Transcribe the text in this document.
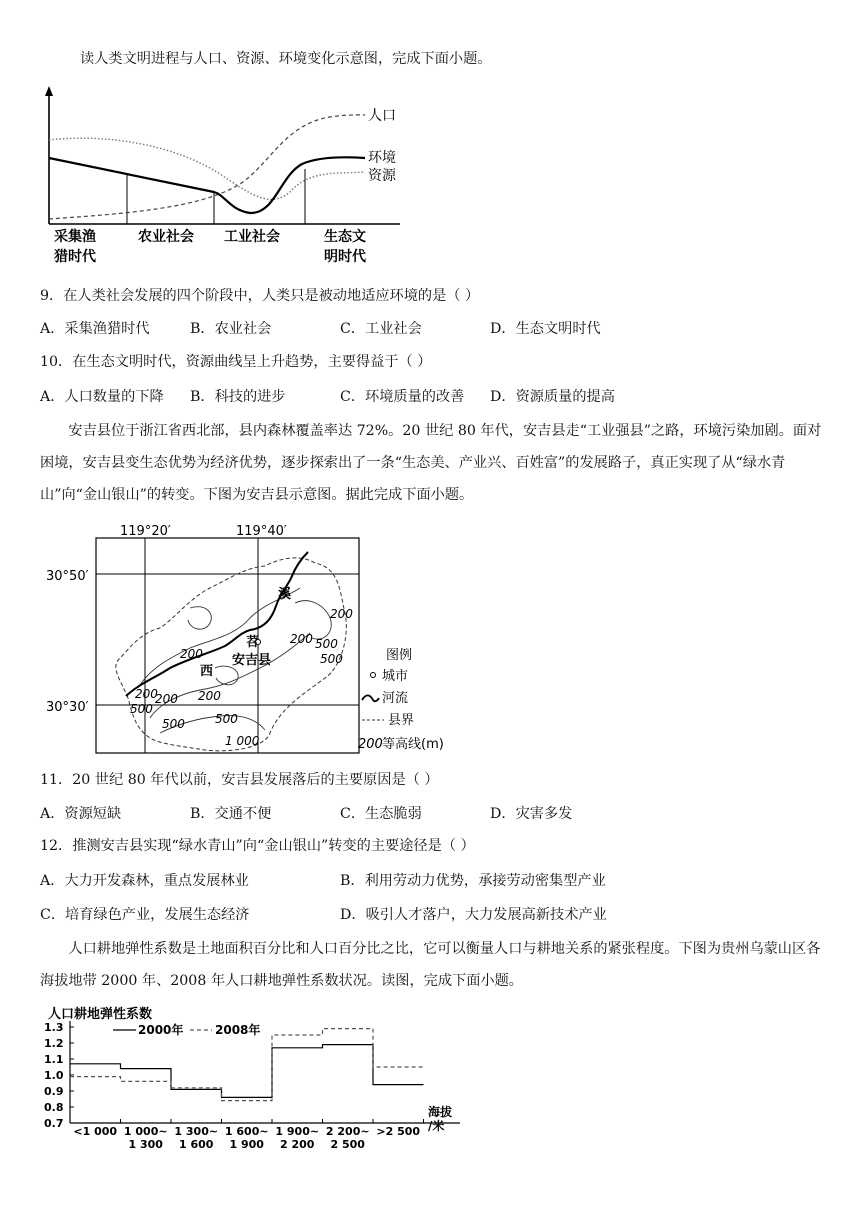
读人类文明进程与人口、资源、环境变化示意图，完成下面小题。
人口
环境
资源
采集渔
猎时代
农业社会 工业社会	生态文
明时代
9．在人类社会发展的四个阶段中，人类只是被动地适应环境的是（ ）
A．采集渔猎时代	B．农业社会	C．工业社会	D．生态文明时代
10．在生态文明时代，资源曲线呈上升趋势，主要得益于（ ）
A．人口数量的下降 B．科技的进步	C．环境质量的改善 D．资源质量的提高
安吉县位于浙江省西北部，县内森林覆盖率达 72%。20 世纪 80 年代，安吉县走“工业强县”之路，环境污染加剧。面对困境，安吉县变生态优势为经济优势，逐步探索出了一条“生态美、产业兴、百姓富”的发展路子，真正实现了从“绿水青山”向“金山银山”的转变。下图为安吉县示意图。据此完成下面小题。
119°20′	119°40′
30°50′
30°30′
溪
苕
西
安吉县
200
500
200
200	500
200	200
500
200
500
1 000
500
图例
城市
河流
县界
200 等高线(m)
11．20 世纪 80 年代以前，安吉县发展落后的主要原因是（ ）
A．资源短缺	B．交通不便	C．生态脆弱	D．灾害多发
12．推测安吉县实现“绿水青山”向“金山银山”转变的主要途径是（ ）
A．大力开发森林，重点发展林业	B．利用劳动力优势，承接劳动密集型产业
C．培育绿色产业，发展生态经济	D．吸引人才落户，大力发展高新技术产业
人口耕地弹性系数是土地面积百分比和人口百分比之比，它可以衡量人口与耕地关系的紧张程度。下图为贵州乌蒙山区各海拔地带 2000 年、2008 年人口耕地弹性系数状况。读图，完成下面小题。
人口耕地弹性系数
1.3
1.2
1.1
1.0
0.9
0.8
0.7
<1 000 1 000~
1 300
1 300~
1 600
1 600~
1 900
1 900~
2 200
2 200~
2 500
>2 500
2000年	2008年
海拔
/米
